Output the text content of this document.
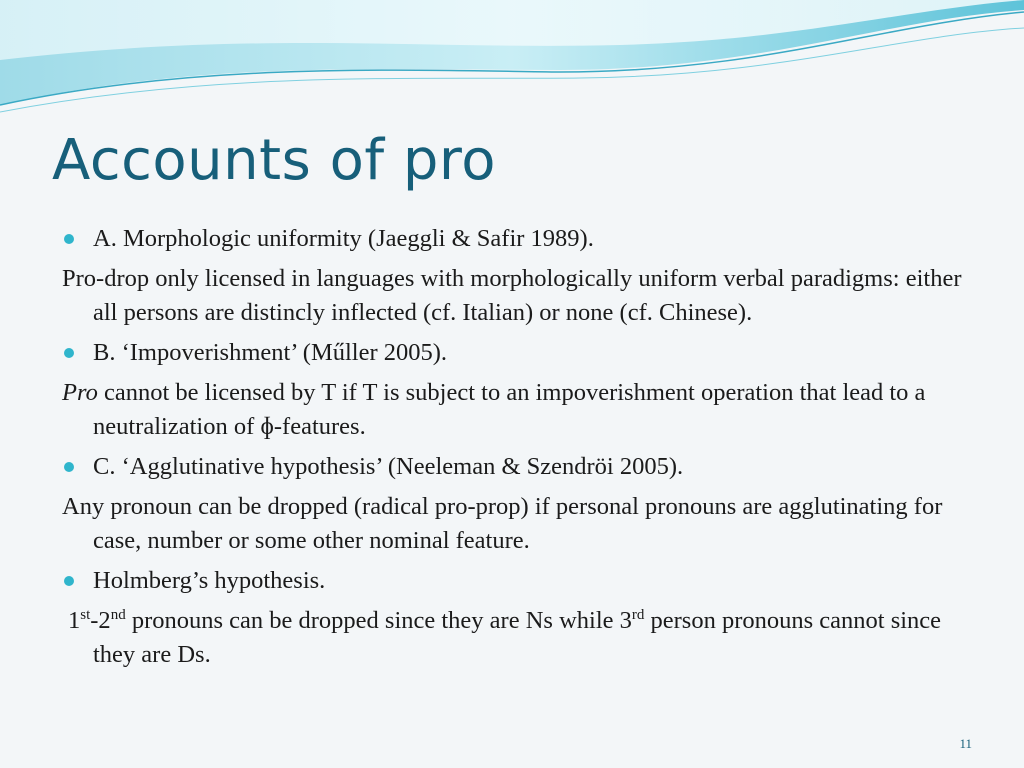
Accounts of pro
A. Morphologic uniformity (Jaeggli & Safir 1989).

Pro-drop only licensed in languages with morphologically uniform verbal paradigms: either all persons are distincly inflected (cf. Italian) or none (cf. Chinese).

B. ‘Impoverishment’ (Műller 2005).

Pro cannot be licensed by T if T is subject to an impoverishment operation that lead to a neutralization of ɸ-features.

C. ‘Agglutinative hypothesis’ (Neeleman & Szendröi 2005).

Any pronoun can be dropped (radical pro-prop) if personal pronouns are agglutinating for case, number or some other nominal feature.

Holmberg’s hypothesis.

1st-2nd pronouns can be dropped since they are Ns while 3rd person pronouns cannot since they are Ds.

11
